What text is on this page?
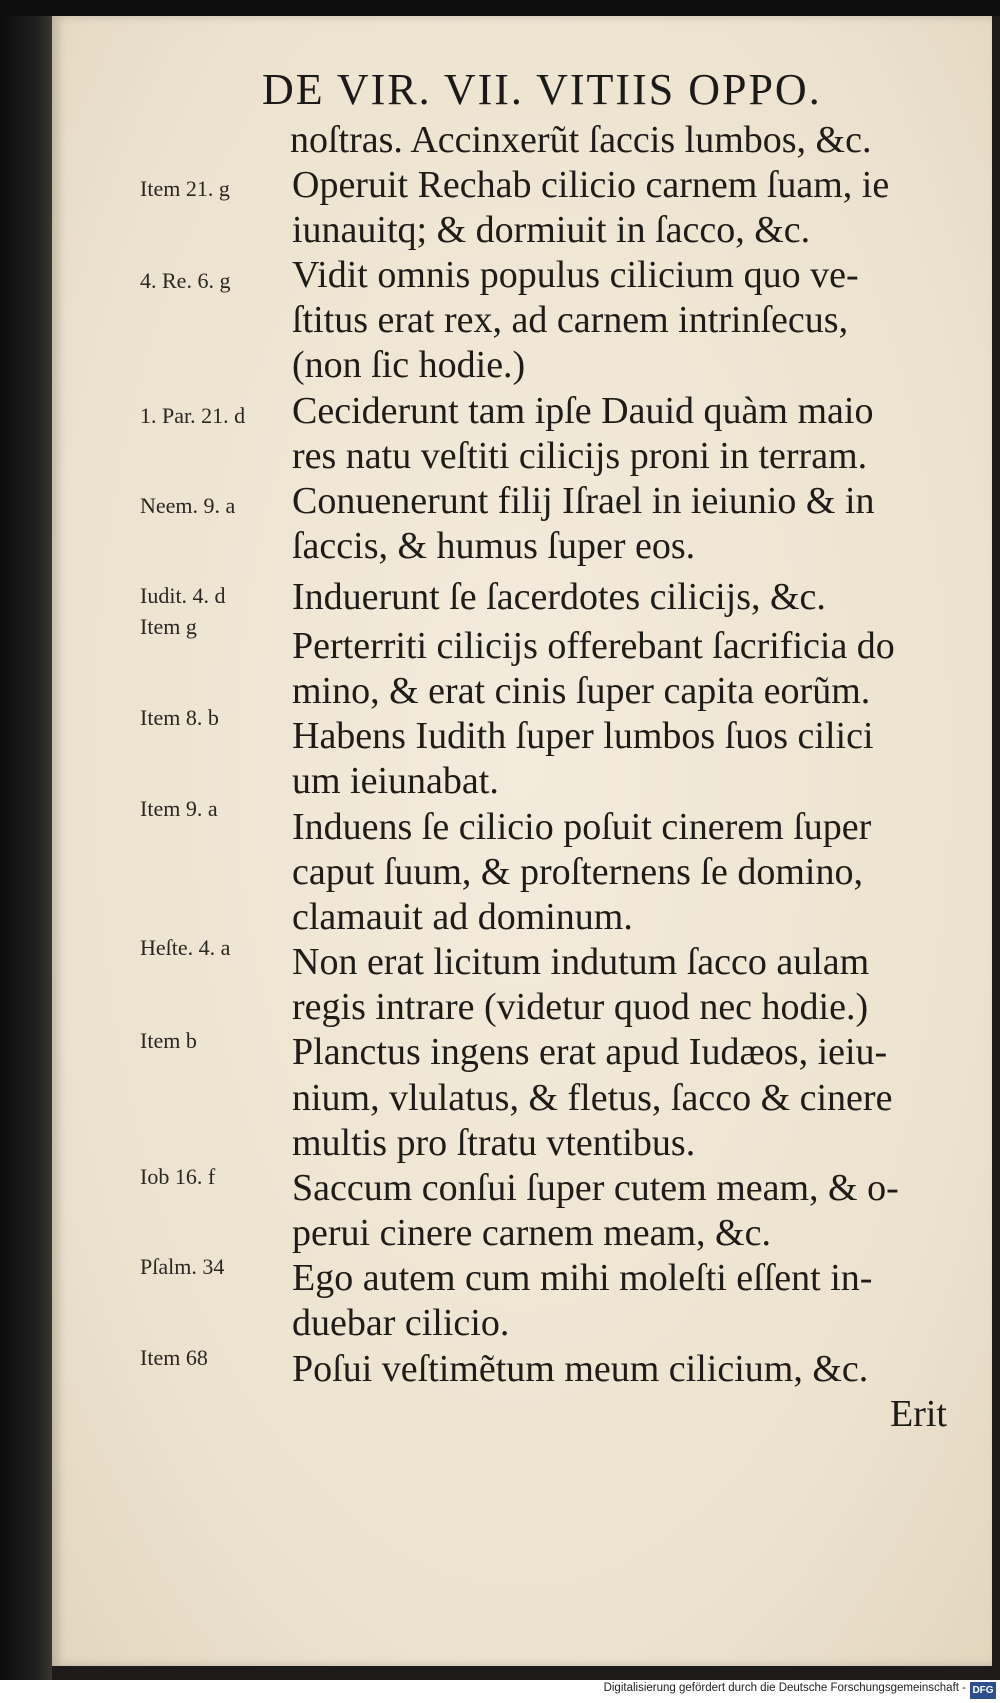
DE VIR. VII. VITIIS OPPO.
noſtras. Accinxerũt ſaccis lumbos, &c.
Operuit Rechab cilicio carnem ſuam, ie
iunauitq; & dormiuit in ſacco, &c.
Vidit omnis populus cilicium quo ve-
ſtitus erat rex, ad carnem intrinſecus,
(non ſic hodie.)
Ceciderunt tam ipſe Dauid quàm maio
res natu veſtiti cilicijs proni in terram.
Conuenerunt filij Iſrael in ieiunio & in
ſaccis, & humus ſuper eos.
Induerunt ſe ſacerdotes cilicijs, &c.
Perterriti cilicijs offerebant ſacrificia do
mino, & erat cinis ſuper capita eorũm.
Habens Iudith ſuper lumbos ſuos cilici
um ieiunabat.
Induens ſe cilicio poſuit cinerem ſuper
caput ſuum, & proſternens ſe domino,
clamauit ad dominum.
Non erat licitum indutum ſacco aulam
regis intrare (videtur quod nec hodie.)
Planctus ingens erat apud Iudæos, ieiu-
nium, vlulatus, & fletus, ſacco & cinere
multis pro ſtratu vtentibus.
Saccum conſui ſuper cutem meam, & o-
perui cinere carnem meam, &c.
Ego autem cum mihi moleſti eſſent in-
duebar cilicio.
Poſui veſtimẽtum meum cilicium, &c.
Item 21. g
4. Re. 6. g
1. Par. 21. d
Neem. 9. a
Iudit. 4. d
Item g
Item 8. b
Item 9. a
Heſte. 4. a
Item b
Iob 16. f
Pſalm. 34
Item 68
Erit
Digitalisierung gefördert durch die Deutsche Forschungsgemeinschaft - DFG
